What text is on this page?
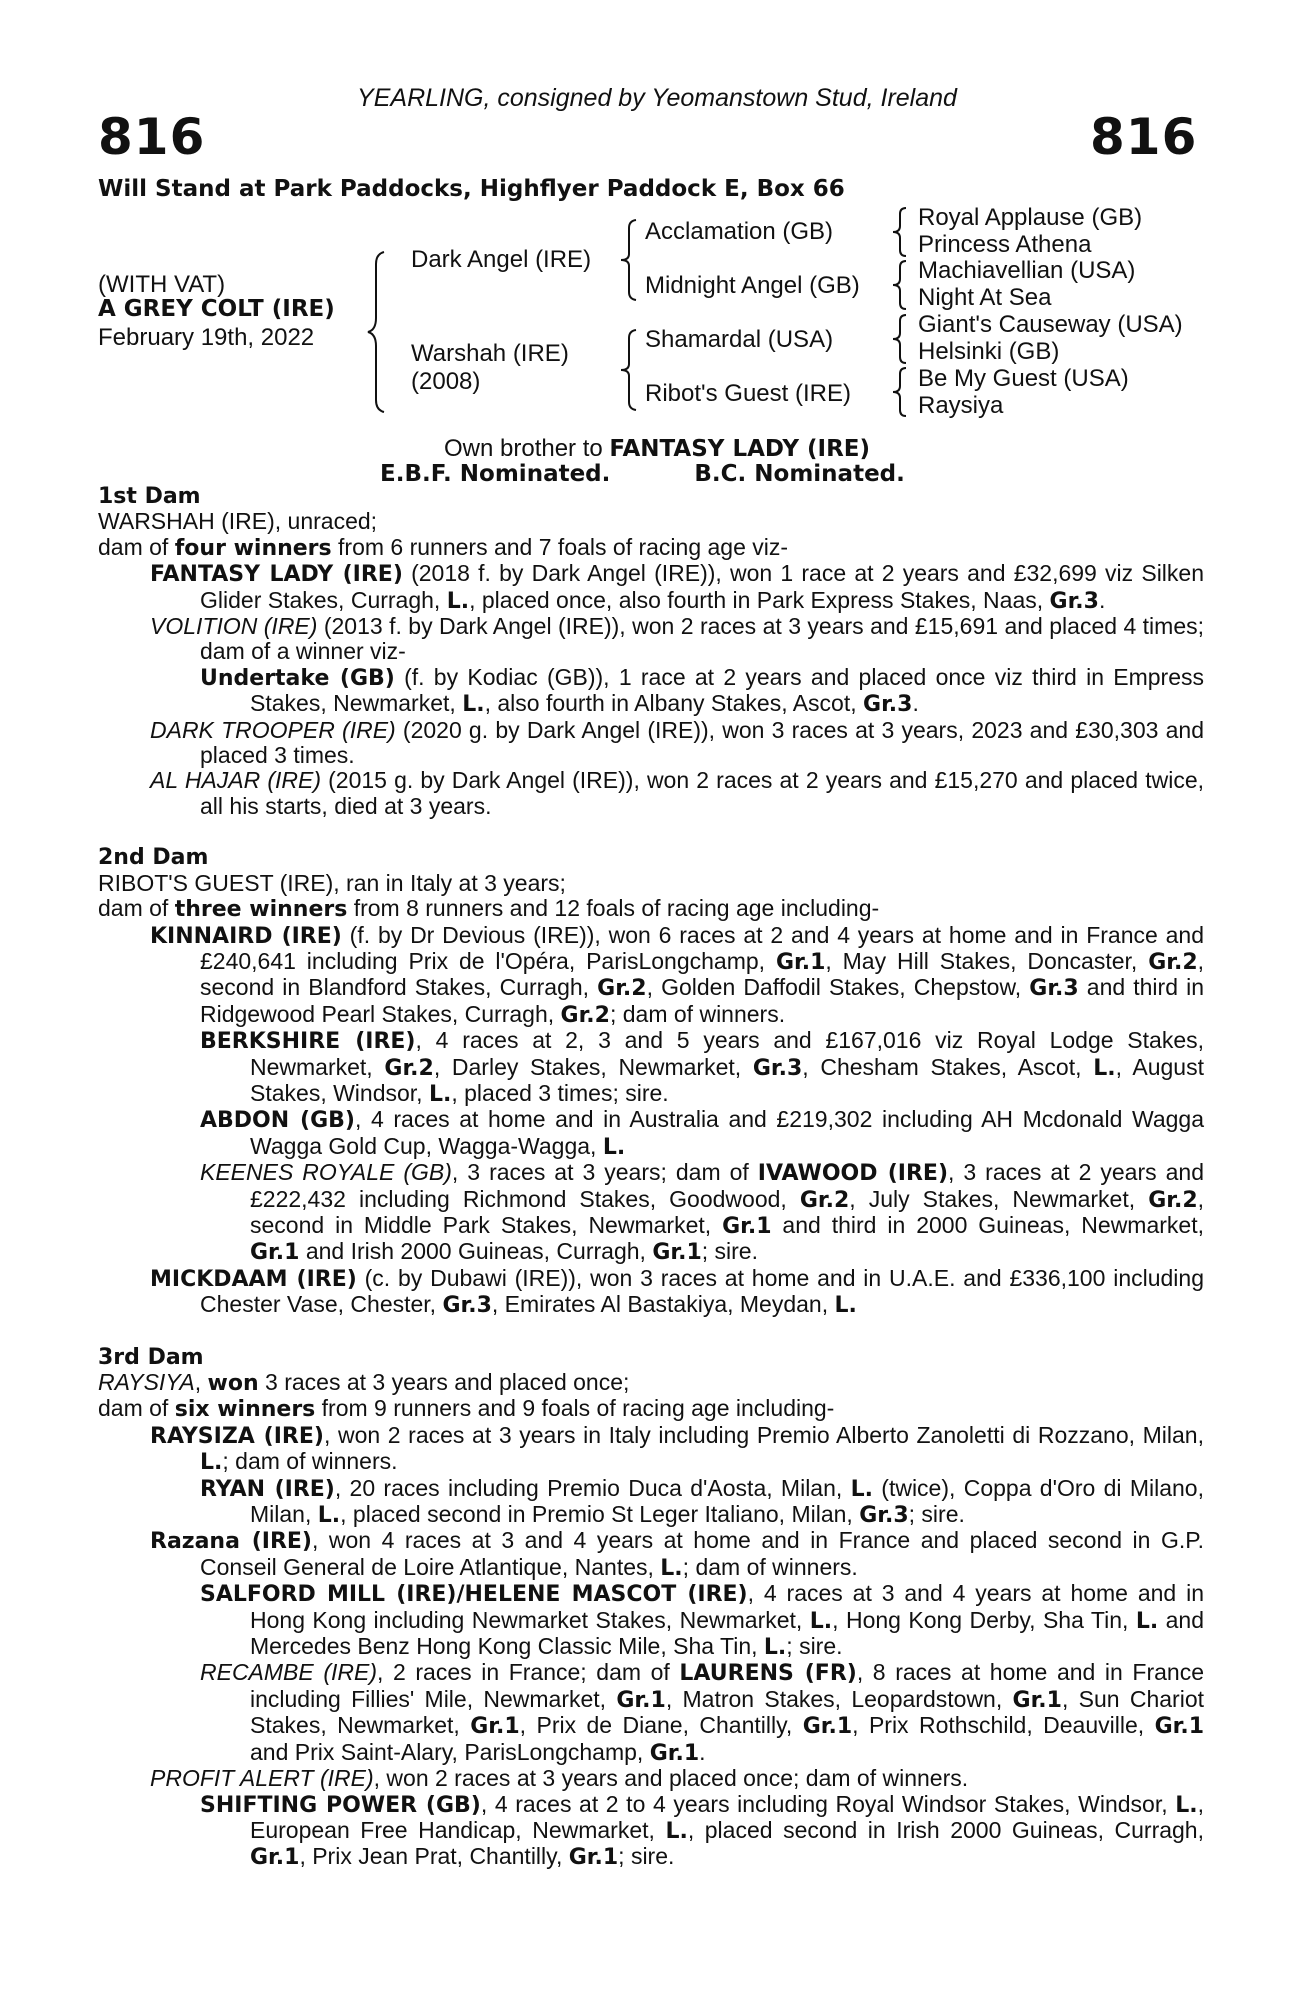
YEARLING, consigned by Yeomanstown Stud, Ireland
816	816
Will Stand at Park Paddocks, Highflyer Paddock E, Box 66
(WITH VAT)
A GREY COLT (IRE)
February 19th, 2022
Dark Angel (IRE)
Warshah (IRE)
(2008)
Acclamation (GB)
Midnight Angel (GB)
Shamardal (USA)
Ribot's Guest (IRE)
Royal Applause (GB)
Princess Athena
Machiavellian (USA)
Night At Sea
Giant's Causeway (USA)
Helsinki (GB)
Be My Guest (USA)
Raysiya
Own brother to FANTASY LADY (IRE)
E.B.F. Nominated.	B.C. Nominated.

1st Dam

WARSHAH (IRE), unraced;

dam of four winners from 6 runners and 7 foals of racing age viz-

FANTASY LADY (IRE) (2018 f. by Dark Angel (IRE)), won 1 race at 2 years and £32,699 viz Silken Glider Stakes, Curragh, L., placed once, also fourth in Park Express Stakes, Naas, Gr.3.

VOLITION (IRE) (2013 f. by Dark Angel (IRE)), won 2 races at 3 years and £15,691 and placed 4 times; dam of a winner viz-

Undertake (GB) (f. by Kodiac (GB)), 1 race at 2 years and placed once viz third in Empress Stakes, Newmarket, L., also fourth in Albany Stakes, Ascot, Gr.3.

DARK TROOPER (IRE) (2020 g. by Dark Angel (IRE)), won 3 races at 3 years, 2023 and £30,303 and placed 3 times.

AL HAJAR (IRE) (2015 g. by Dark Angel (IRE)), won 2 races at 2 years and £15,270 and placed twice, all his starts, died at 3 years.

2nd Dam

RIBOT'S GUEST (IRE), ran in Italy at 3 years;

dam of three winners from 8 runners and 12 foals of racing age including-

KINNAIRD (IRE) (f. by Dr Devious (IRE)), won 6 races at 2 and 4 years at home and in France and £240,641 including Prix de l'Opéra, ParisLongchamp, Gr.1, May Hill Stakes, Doncaster, Gr.2, second in Blandford Stakes, Curragh, Gr.2, Golden Daffodil Stakes, Chepstow, Gr.3 and third in Ridgewood Pearl Stakes, Curragh, Gr.2; dam of winners.

BERKSHIRE (IRE), 4 races at 2, 3 and 5 years and £167,016 viz Royal Lodge Stakes, Newmarket, Gr.2, Darley Stakes, Newmarket, Gr.3, Chesham Stakes, Ascot, L., August Stakes, Windsor, L., placed 3 times; sire.

ABDON (GB), 4 races at home and in Australia and £219,302 including AH Mcdonald Wagga Wagga Gold Cup, Wagga-Wagga, L.

KEENES ROYALE (GB), 3 races at 3 years; dam of IVAWOOD (IRE), 3 races at 2 years and £222,432 including Richmond Stakes, Goodwood, Gr.2, July Stakes, Newmarket, Gr.2, second in Middle Park Stakes, Newmarket, Gr.1 and third in 2000 Guineas, Newmarket, Gr.1 and Irish 2000 Guineas, Curragh, Gr.1; sire.

MICKDAAM (IRE) (c. by Dubawi (IRE)), won 3 races at home and in U.A.E. and £336,100 including Chester Vase, Chester, Gr.3, Emirates Al Bastakiya, Meydan, L.

3rd Dam

RAYSIYA, won 3 races at 3 years and placed once;

dam of six winners from 9 runners and 9 foals of racing age including-

RAYSIZA (IRE), won 2 races at 3 years in Italy including Premio Alberto Zanoletti di Rozzano, Milan, L.; dam of winners.

RYAN (IRE), 20 races including Premio Duca d'Aosta, Milan, L. (twice), Coppa d'Oro di Milano, Milan, L., placed second in Premio St Leger Italiano, Milan, Gr.3; sire.

Razana (IRE), won 4 races at 3 and 4 years at home and in France and placed second in G.P. Conseil General de Loire Atlantique, Nantes, L.; dam of winners.

SALFORD MILL (IRE)/HELENE MASCOT (IRE), 4 races at 3 and 4 years at home and in Hong Kong including Newmarket Stakes, Newmarket, L., Hong Kong Derby, Sha Tin, L. and Mercedes Benz Hong Kong Classic Mile, Sha Tin, L.; sire.

RECAMBE (IRE), 2 races in France; dam of LAURENS (FR), 8 races at home and in France including Fillies' Mile, Newmarket, Gr.1, Matron Stakes, Leopardstown, Gr.1, Sun Chariot Stakes, Newmarket, Gr.1, Prix de Diane, Chantilly, Gr.1, Prix Rothschild, Deauville, Gr.1 and Prix Saint-Alary, ParisLongchamp, Gr.1.

PROFIT ALERT (IRE), won 2 races at 3 years and placed once; dam of winners.

SHIFTING POWER (GB), 4 races at 2 to 4 years including Royal Windsor Stakes, Windsor, L., European Free Handicap, Newmarket, L., placed second in Irish 2000 Guineas, Curragh, Gr.1, Prix Jean Prat, Chantilly, Gr.1; sire.
